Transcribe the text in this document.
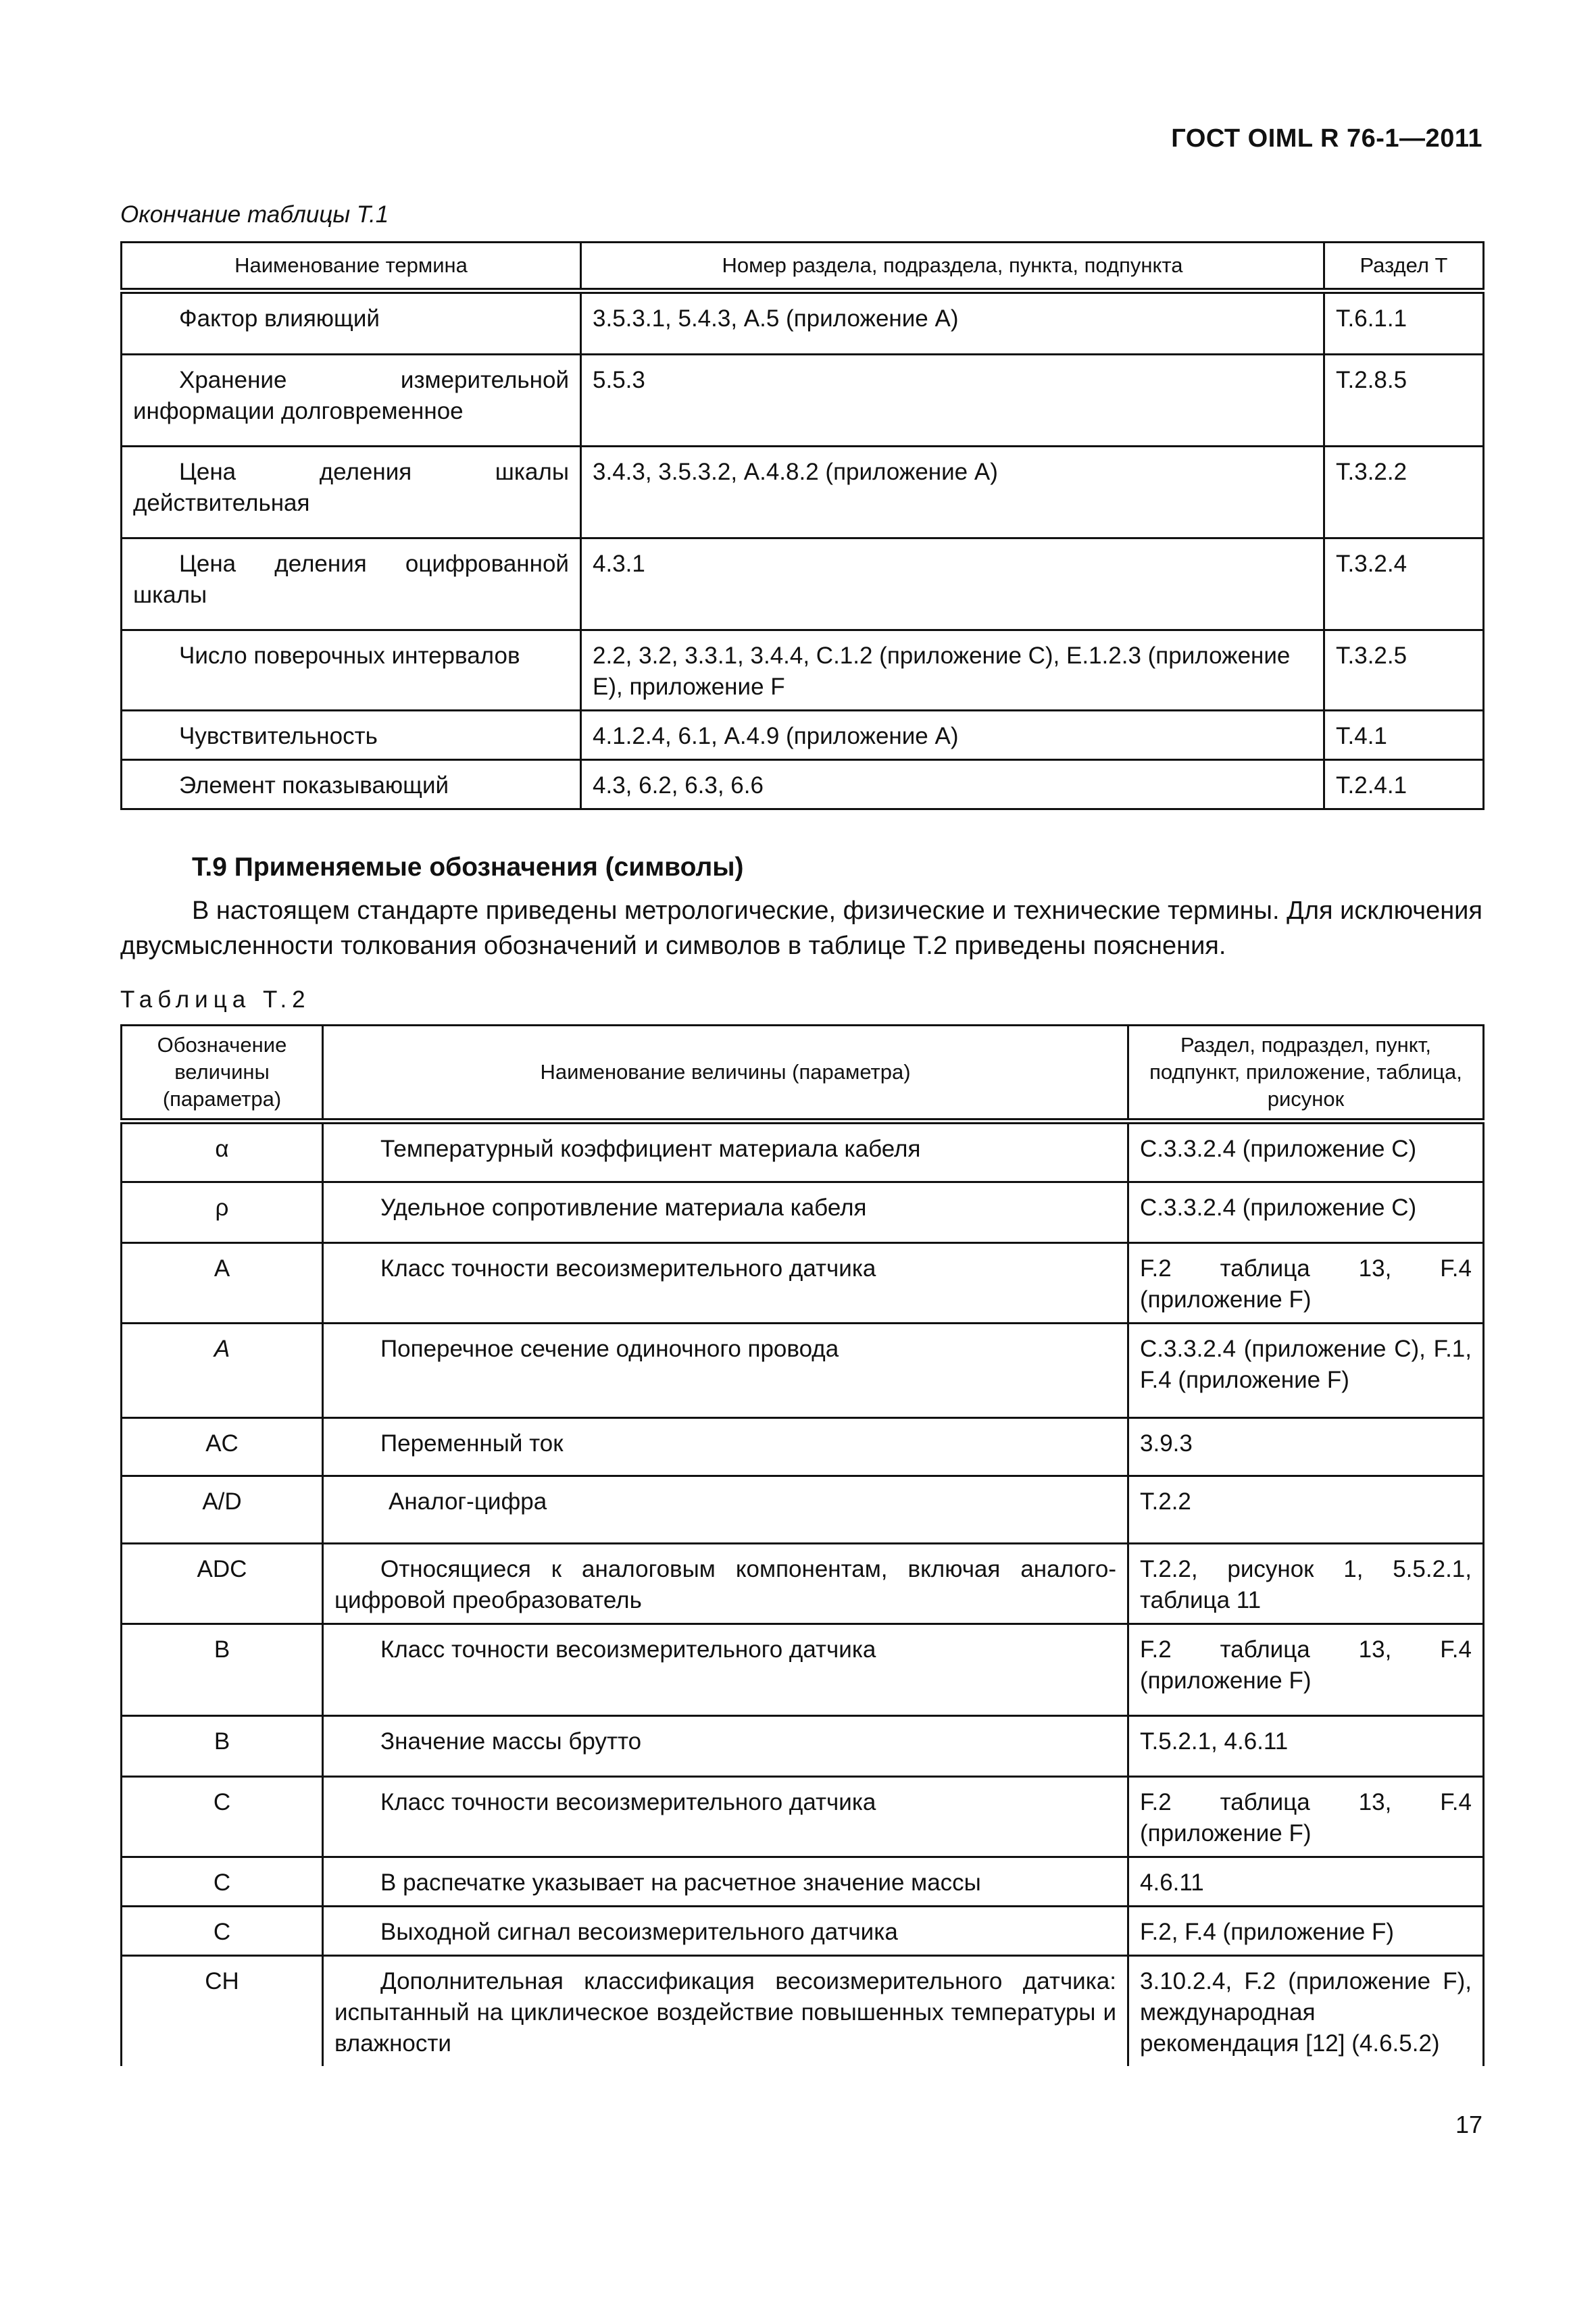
ГОСТ OIML R 76-1—2011
Окончание таблицы Т.1
Наименование термина	Номер раздела, подраздела, пункта, подпункта	Раздел Т
Фактор влияющий	3.5.3.1, 5.4.3, А.5 (приложение А)	Т.6.1.1
Хранение измерительной информации долговременное	5.5.3	Т.2.8.5
Цена деления шкалы действительная	3.4.3, 3.5.3.2, А.4.8.2 (приложение А)	Т.3.2.2
Цена деления оцифрованной шкалы	4.3.1	Т.3.2.4
Число поверочных интервалов	2.2, 3.2, 3.3.1, 3.4.4, С.1.2 (приложение С), Е.1.2.3 (приложение Е), приложение F	Т.3.2.5
Чувствительность	4.1.2.4, 6.1, А.4.9 (приложение А)	Т.4.1
Элемент показывающий	4.3, 6.2, 6.3, 6.6	Т.2.4.1
Т.9 Применяемые обозначения (символы)
В настоящем стандарте приведены метрологические, физические и технические термины. Для исключения двусмысленности толкования обозначений и символов в таблице Т.2 приведены пояснения.
Таблица Т.2
Обозначение величины (параметра)	Наименование величины (параметра)	Раздел, подраздел, пункт, подпункт, приложение, таблица, рисунок
α	Температурный коэффициент материала кабеля	С.3.3.2.4 (приложение С)
ρ	Удельное сопротивление материала кабеля	С.3.3.2.4 (приложение С)
A	Класс точности весоизмерительного датчика	F.2 таблица 13, F.4 (приложение F)
A	Поперечное сечение одиночного провода	С.3.3.2.4 (приложение С), F.1, F.4 (приложение F)
AC	Переменный ток	3.9.3
A/D	Аналог-цифра	Т.2.2
ADC	Относящиеся к аналоговым компонентам, включая аналого-цифровой преобразователь	Т.2.2, рисунок 1, 5.5.2.1, таблица 11
B	Класс точности весоизмерительного датчика	F.2 таблица 13, F.4 (приложение F)
B	Значение массы брутто	Т.5.2.1, 4.6.11
C	Класс точности весоизмерительного датчика	F.2 таблица 13, F.4 (приложение F)
C	В распечатке указывает на расчетное значение массы	4.6.11
C	Выходной сигнал весоизмерительного датчика	F.2, F.4 (приложение F)
CH	Дополнительная классификация весоизмерительного датчика: испытанный на циклическое воздействие повышенных температуры и влажности	3.10.2.4, F.2 (приложение F), международная рекомендация [12] (4.6.5.2)
17
